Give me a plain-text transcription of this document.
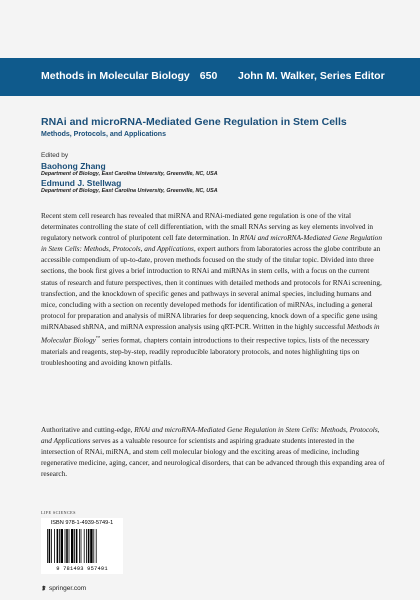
Methods in Molecular Biology 650 John M. Walker, Series Editor
RNAi and microRNA-Mediated Gene Regulation in Stem Cells
Methods, Protocols, and Applications
Edited by
Baohong Zhang
Department of Biology, East Carolina University, Greenville, NC, USA
Edmund J. Stellwag
Department of Biology, East Carolina University, Greenville, NC, USA

Recent stem cell research has revealed that miRNA and RNAi-mediated gene regulation is one of the vital determinates controlling the state of cell differentiation, with the small RNAs serving as key elements involved in regulatory network control of pluripotent cell fate determination. In RNAi and microRNA-Mediated Gene Regulation in Stem Cells: Methods, Protocols, and Applications, expert authors from laboratories across the globe contribute an accessible compendium of up-to-date, proven methods focused on the study of the titular topic. Divided into three sections, the book first gives a brief introduction to RNAi and miRNAs in stem cells, with a focus on the current status of research and future perspectives, then it continues with detailed methods and protocols for RNAi screening, transfection, and the knockdown of specific genes and pathways in several animal species, including humans and mice, concluding with a section on recently developed methods for identification of miRNAs, including a general protocol for preparation and analysis of miRNA libraries for deep sequencing, knock down of a specific gene using miRNAbased shRNA, and miRNA expression analysis using qRT-PCR. Written in the highly successful Methods in Molecular Biology™ series format, chapters contain introductions to their respective topics, lists of the necessary materials and reagents, step-by-step, readily reproducible laboratory protocols, and notes highlighting tips on troubleshooting and avoiding known pitfalls.

Authoritative and cutting-edge, RNAi and microRNA-Mediated Gene Regulation in Stem Cells: Methods, Protocols, and Applications serves as a valuable resource for scientists and aspiring graduate students interested in the intersection of RNAi, miRNA, and stem cell molecular biology and the exciting areas of medicine, including regenerative medicine, aging, cancer, and neurological disorders, that can be advanced through this expanding area of research.

LIFE SCIENCES
ISBN 978-1-4939-5749-1
9 781493 957491
springer.com
